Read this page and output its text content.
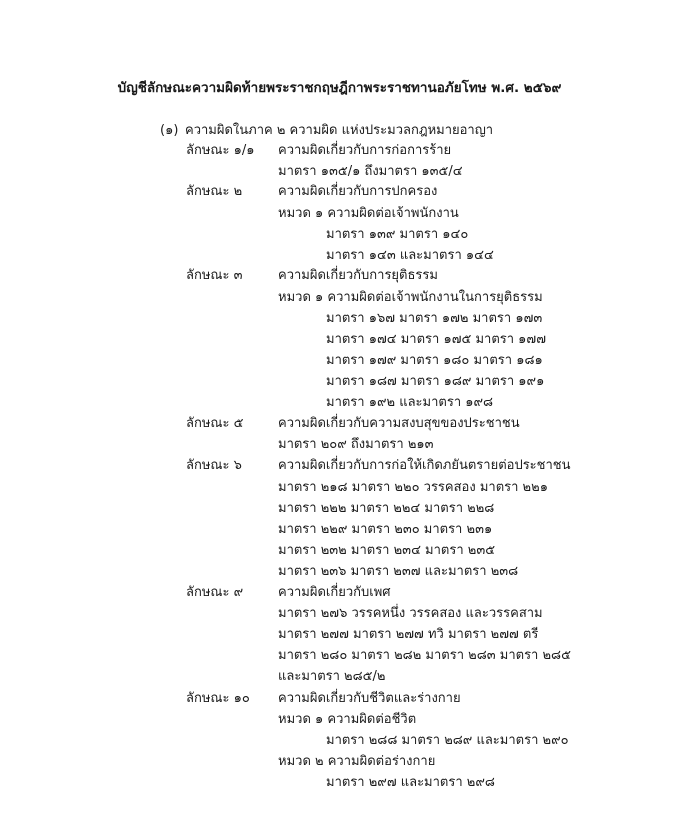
บัญชีลักษณะความผิดท้ายพระราชกฤษฎีกาพระราชทานอภัยโทษ พ.ศ. ๒๕๖๙
(๑) ความผิดในภาค ๒ ความผิด แห่งประมวลกฎหมายอาญา
ลักษณะ ๑/๑ ความผิดเกี่ยวกับการก่อการร้าย
มาตรา ๑๓๕/๑ ถึงมาตรา ๑๓๕/๔
ลักษณะ ๒	ความผิดเกี่ยวกับการปกครอง
หมวด ๑ ความผิดต่อเจ้าพนักงาน
มาตรา ๑๓๙ มาตรา ๑๔๐
มาตรา ๑๔๓ และมาตรา ๑๔๔
ลักษณะ ๓	ความผิดเกี่ยวกับการยุติธรรม
หมวด ๑ ความผิดต่อเจ้าพนักงานในการยุติธรรม
มาตรา ๑๖๗ มาตรา ๑๗๒ มาตรา ๑๗๓
มาตรา ๑๗๔ มาตรา ๑๗๕ มาตรา ๑๗๗
มาตรา ๑๗๙ มาตรา ๑๘๐ มาตรา ๑๘๑
มาตรา ๑๘๗ มาตรา ๑๘๙ มาตรา ๑๙๑
มาตรา ๑๙๒ และมาตรา ๑๙๘
ลักษณะ ๕	ความผิดเกี่ยวกับความสงบสุขของประชาชน
มาตรา ๒๐๙ ถึงมาตรา ๒๑๓
ลักษณะ ๖	ความผิดเกี่ยวกับการก่อให้เกิดภยันตรายต่อประชาชน
มาตรา ๒๑๘ มาตรา ๒๒๐ วรรคสอง มาตรา ๒๒๑
มาตรา ๒๒๒ มาตรา ๒๒๔ มาตรา ๒๒๘
มาตรา ๒๒๙ มาตรา ๒๓๐ มาตรา ๒๓๑
มาตรา ๒๓๒ มาตรา ๒๓๔ มาตรา ๒๓๕
มาตรา ๒๓๖ มาตรา ๒๓๗ และมาตรา ๒๓๘
ลักษณะ ๙	ความผิดเกี่ยวกับเพศ
มาตรา ๒๗๖ วรรคหนึ่ง วรรคสอง และวรรคสาม
มาตรา ๒๗๗ มาตรา ๒๗๗ ทวิ มาตรา ๒๗๗ ตรี
มาตรา ๒๘๐ มาตรา ๒๘๒ มาตรา ๒๘๓ มาตรา ๒๘๕
และมาตรา ๒๘๕/๒
ลักษณะ ๑๐ ความผิดเกี่ยวกับชีวิตและร่างกาย
หมวด ๑ ความผิดต่อชีวิต
มาตรา ๒๘๘ มาตรา ๒๘๙ และมาตรา ๒๙๐
หมวด ๒ ความผิดต่อร่างกาย
มาตรา ๒๙๗ และมาตรา ๒๙๘
